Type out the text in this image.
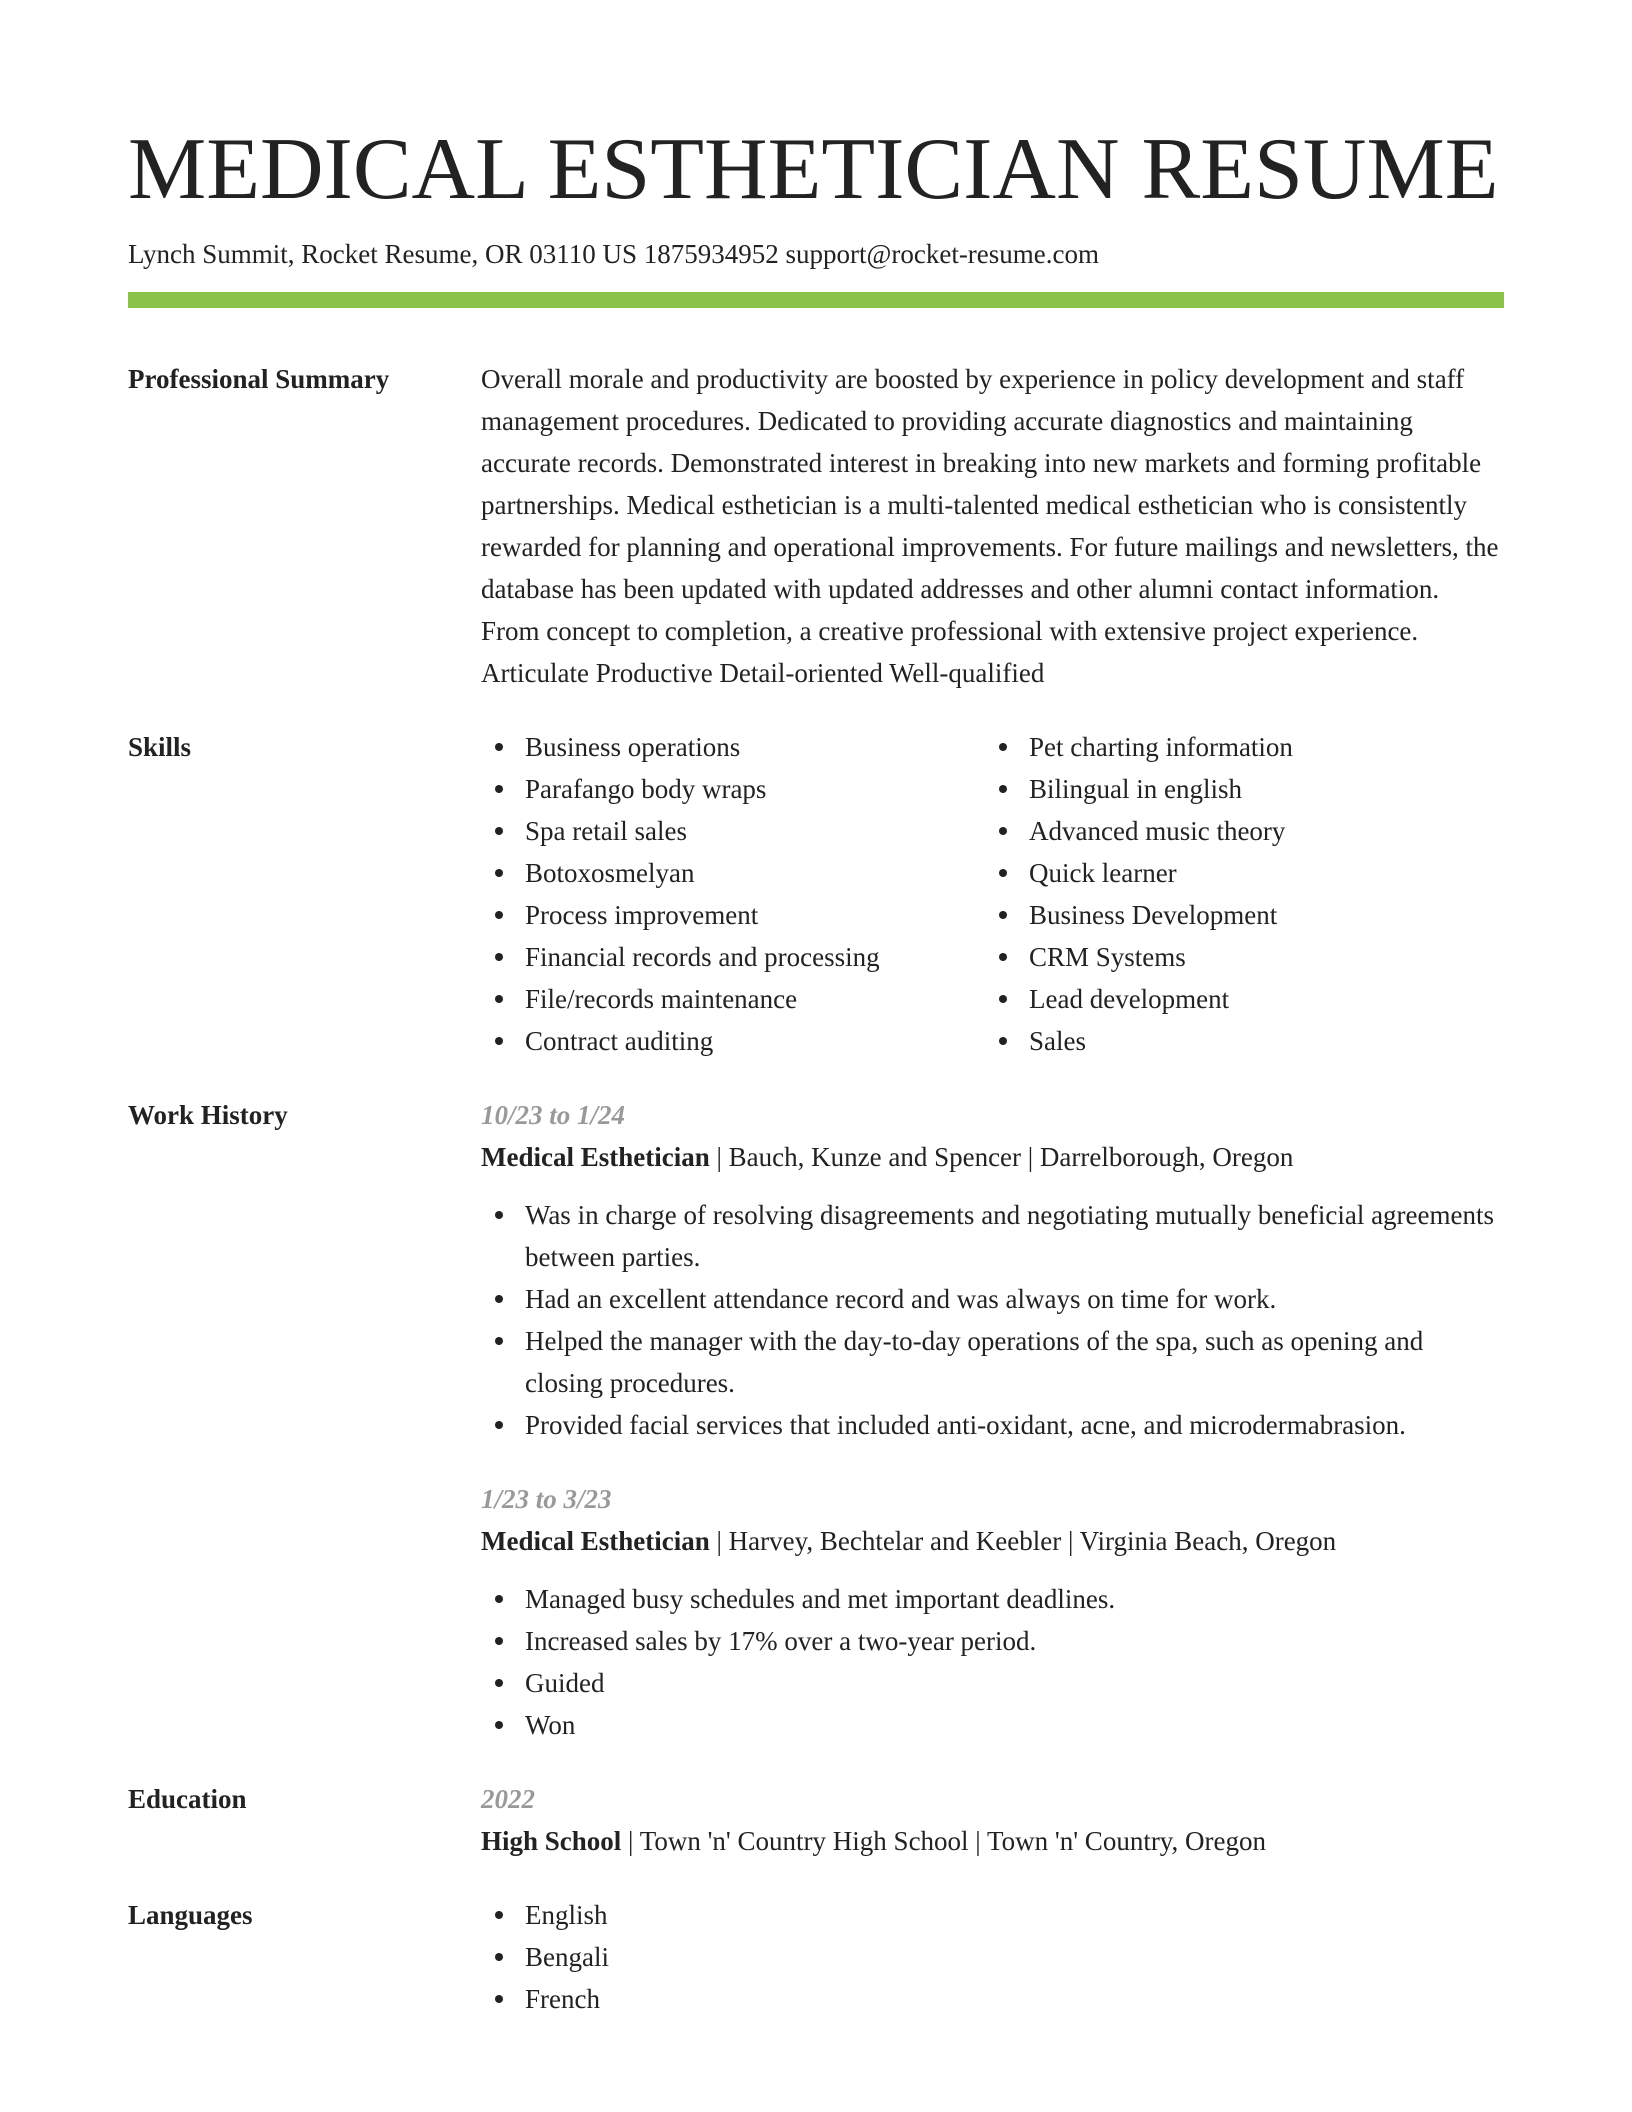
MEDICAL ESTHETICIAN RESUME
Lynch Summit, Rocket Resume, OR 03110 US 1875934952 support@rocket-resume.com
Professional Summary	Overall morale and productivity are boosted by experience in policy development and staff management procedures. Dedicated to providing accurate diagnostics and maintaining accurate records. Demonstrated interest in breaking into new markets and forming profitable partnerships. Medical esthetician is a multi-talented medical esthetician who is consistently rewarded for planning and operational improvements. For future mailings and newsletters, the database has been updated with updated addresses and other alumni contact information. From concept to completion, a creative professional with extensive project experience. Articulate Productive Detail-oriented Well-qualified
Skills	Business operations
Parafango body wraps
Spa retail sales
Botoxosmelyan
Process improvement
Financial records and processing
File/records maintenance
Contract auditing
Pet charting information
Bilingual in english
Advanced music theory
Quick learner
Business Development
CRM Systems
Lead development
Sales
Work History	10/23 to 1/24
Medical Esthetician | Bauch, Kunze and Spencer | Darrelborough, Oregon
Was in charge of resolving disagreements and negotiating mutually beneficial agreements between parties.
Had an excellent attendance record and was always on time for work.
Helped the manager with the day-to-day operations of the spa, such as opening and closing procedures.
Provided facial services that included anti-oxidant, acne, and microdermabrasion.
1/23 to 3/23
Medical Esthetician | Harvey, Bechtelar and Keebler | Virginia Beach, Oregon
Managed busy schedules and met important deadlines.
Increased sales by 17% over a two-year period.
Guided
Won
Education	2022
High School | Town 'n' Country High School | Town 'n' Country, Oregon
Languages	English
Bengali
French
